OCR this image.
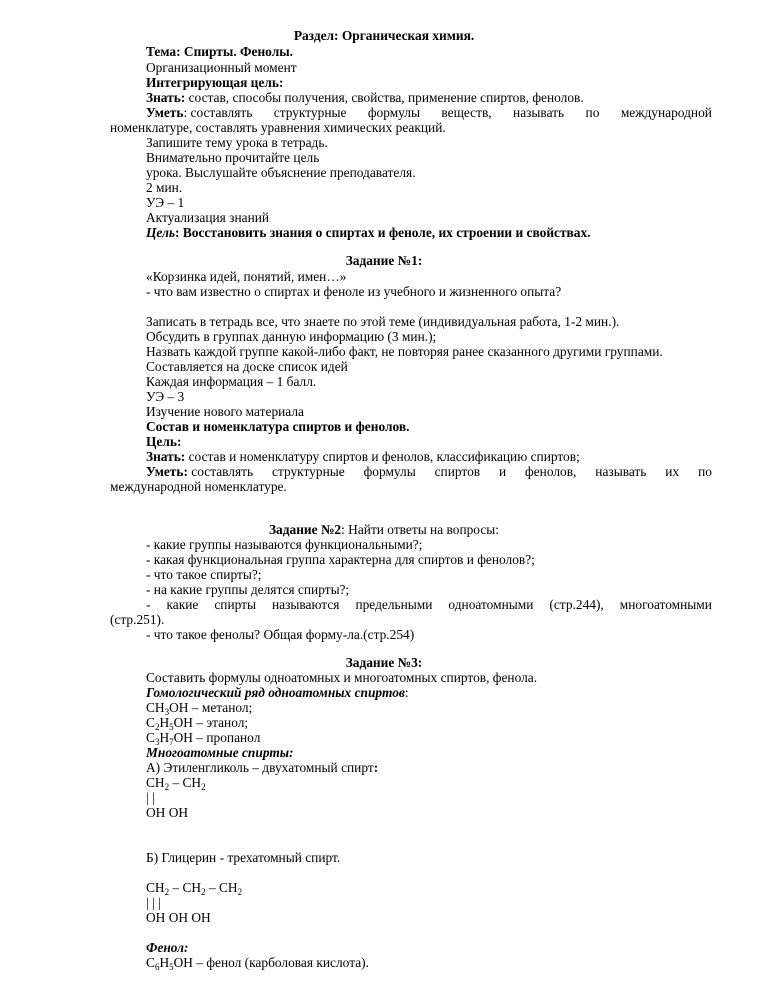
Раздел: Органическая химия.
Тема: Спирты. Фенолы.
Организационный момент
Интегрирующая цель:
Знать: состав, способы получения, свойства, применение спиртов, фенолов.
Уметь: составлять структурные формулы веществ, называть по международной
номенклатуре, составлять уравнения химических реакций.
Запишите тему урока в тетрадь.
Внимательно прочитайте цель
урока. Выслушайте объяснение преподавателя.
2 мин.
УЭ – 1
Актуализация знаний
Цель: Восстановить знания о спиртах и феноле, их строении и свойствах.
Задание №1:
«Корзинка идей, понятий, имен…»
- что вам известно о спиртах и феноле из учебного и жизненного опыта?
Записать в тетрадь все, что знаете по этой теме (индивидуальная работа, 1-2 мин.).
Обсудить в группах данную информацию (3 мин.);
Назвать каждой группе какой-либо факт, не повторяя ранее сказанного другими группами.
Составляется на доске список идей
Каждая информация – 1 балл.
УЭ – 3
Изучение нового материала
Состав и номенклатура спиртов и фенолов.
Цель:
Знать: состав и номенклатуру спиртов и фенолов, классификацию спиртов;
Уметь: составлять структурные формулы спиртов и фенолов, называть их по
международной номенклатуре.
Задание №2: Найти ответы на вопросы:
- какие группы называются функциональными?;
- какая функциональная группа характерна для спиртов и фенолов?;
- что такое спирты?;
- на какие группы делятся спирты?;
- какие спирты называются предельными одноатомными (стр.244), многоатомными
(стр.251).
- что такое фенолы? Общая форму-ла.(стр.254)
Задание №3:
Составить формулы одноатомных и многоатомных спиртов, фенола.
Гомологический ряд одноатомных спиртов:
$CH_3OH$ – метанол;
$C_2H_5OH$ – этанол;
$C_3H_7OH$ – пропанол
Многоатомные спирты:
А) Этиленгликоль – двухатомный спирт:
$CH_2 - CH_2$
| |
OH OH
Б) Глицерин - трехатомный спирт.
$CH_2 - CH_2 - CH_2$
| | |
OH OH OH
Фенол:
$C_6H_5OH$ – фенол (карболовая кислота).
